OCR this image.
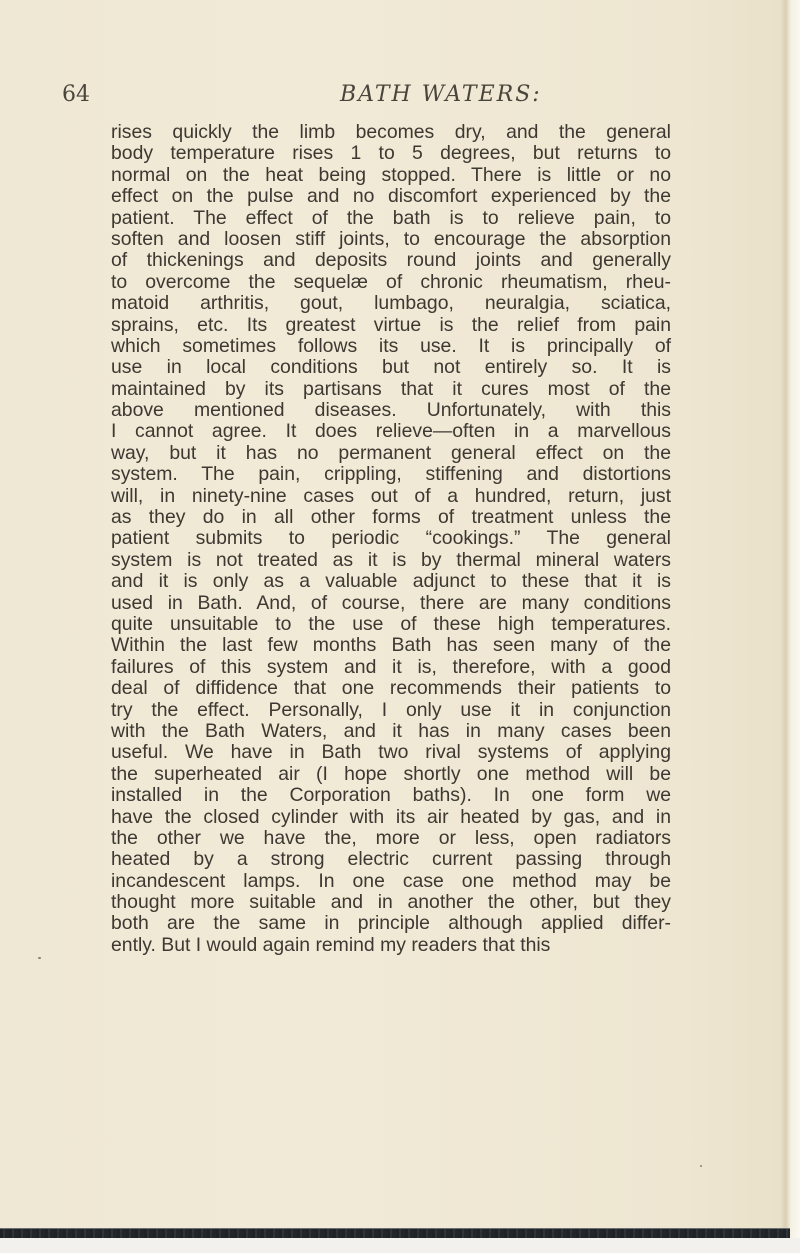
64	BATH WATERS:
rises quickly the limb becomes dry, and the general
body temperature rises 1 to 5 degrees, but returns to
normal on the heat being stopped. There is little or no
effect on the pulse and no discomfort experienced by the
patient. The effect of the bath is to relieve pain, to
soften and loosen stiff joints, to encourage the absorption
of thickenings and deposits round joints and generally
to overcome the sequelæ of chronic rheumatism, rheu-
matoid arthritis, gout, lumbago, neuralgia, sciatica,
sprains, etc. Its greatest virtue is the relief from pain
which sometimes follows its use. It is principally of
use in local conditions but not entirely so. It is
maintained by its partisans that it cures most of the
above mentioned diseases. Unfortunately, with this
I cannot agree. It does relieve—often in a marvellous
way, but it has no permanent general effect on the
system. The pain, crippling, stiffening and distortions
will, in ninety-nine cases out of a hundred, return, just
as they do in all other forms of treatment unless the
patient submits to periodic “cookings.” The general
system is not treated as it is by thermal mineral waters
and it is only as a valuable adjunct to these that it is
used in Bath. And, of course, there are many conditions
quite unsuitable to the use of these high temperatures.
Within the last few months Bath has seen many of the
failures of this system and it is, therefore, with a good
deal of diffidence that one recommends their patients to
try the effect. Personally, I only use it in conjunction
with the Bath Waters, and it has in many cases been
useful. We have in Bath two rival systems of applying
the superheated air (I hope shortly one method will be
installed in the Corporation baths). In one form we
have the closed cylinder with its air heated by gas, and in
the other we have the, more or less, open radiators
heated by a strong electric current passing through
incandescent lamps. In one case one method may be
thought more suitable and in another the other, but they
both are the same in principle although applied differ-
ently. But I would again remind my readers that this
